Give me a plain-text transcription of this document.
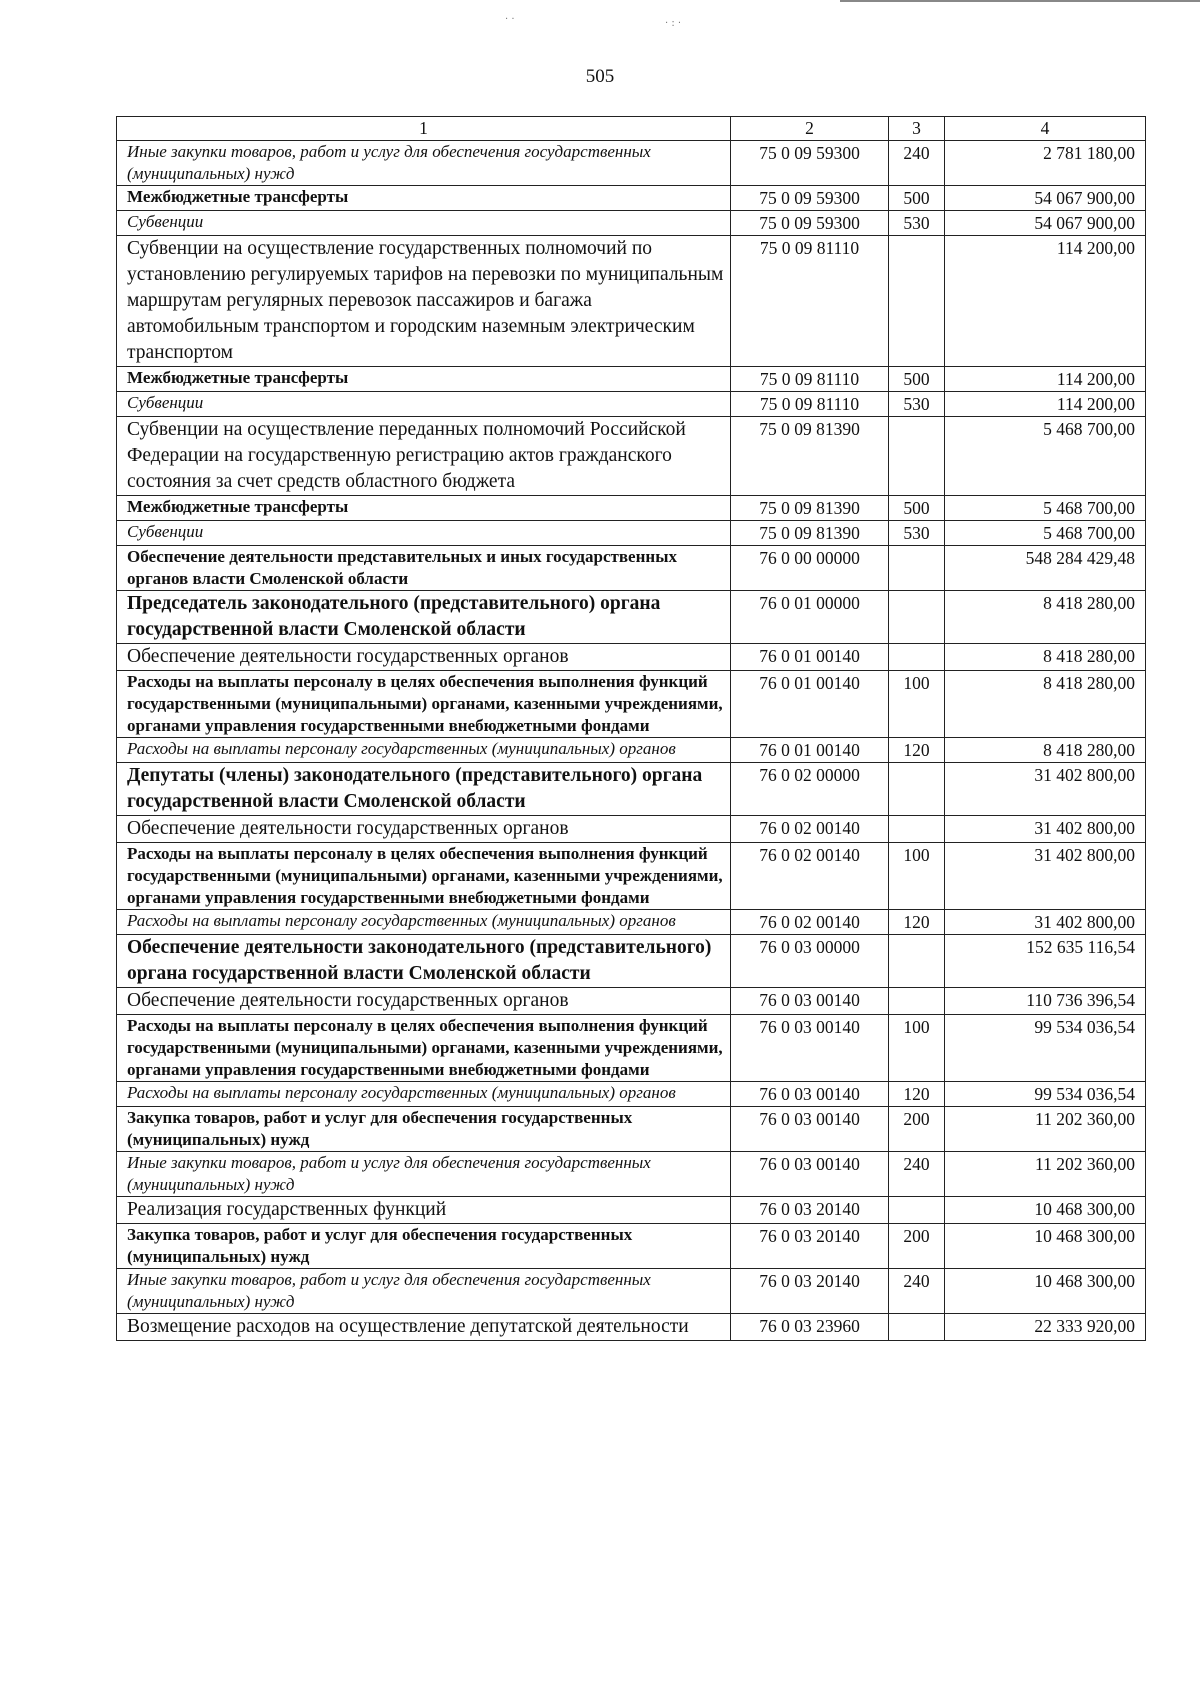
· ·	· : ·
505
1	2	3	4
Иные закупки товаров, работ и услуг для обеспечения государственных (муниципальных) нужд	75 0 09 59300	240	2 781 180,00
Межбюджетные трансферты	75 0 09 59300	500	54 067 900,00
Субвенции	75 0 09 59300	530	54 067 900,00
Субвенции на осуществление государственных полномочий по установлению регулируемых тарифов на перевозки по муниципальным маршрутам регулярных перевозок пассажиров и багажа автомобильным транспортом и городским наземным электрическим транспортом	75 0 09 81110		114 200,00
Межбюджетные трансферты	75 0 09 81110	500	114 200,00
Субвенции	75 0 09 81110	530	114 200,00
Субвенции на осуществление переданных полномочий Российской Федерации на государственную регистрацию актов гражданского состояния за счет средств областного бюджета	75 0 09 81390		5 468 700,00
Межбюджетные трансферты	75 0 09 81390	500	5 468 700,00
Субвенции	75 0 09 81390	530	5 468 700,00
Обеспечение деятельности представительных и иных государственных органов власти Смоленской области	76 0 00 00000		548 284 429,48
Председатель законодательного (представительного) органа государственной власти Смоленской области	76 0 01 00000		8 418 280,00
Обеспечение деятельности государственных органов	76 0 01 00140		8 418 280,00
Расходы на выплаты персоналу в целях обеспечения выполнения функций государственными (муниципальными) органами, казенными учреждениями, органами управления государственными внебюджетными фондами	76 0 01 00140	100	8 418 280,00
Расходы на выплаты персоналу государственных (муниципальных) органов	76 0 01 00140	120	8 418 280,00
Депутаты (члены) законодательного (представительного) органа государственной власти Смоленской области	76 0 02 00000		31 402 800,00
Обеспечение деятельности государственных органов	76 0 02 00140		31 402 800,00
Расходы на выплаты персоналу в целях обеспечения выполнения функций государственными (муниципальными) органами, казенными учреждениями, органами управления государственными внебюджетными фондами	76 0 02 00140	100	31 402 800,00
Расходы на выплаты персоналу государственных (муниципальных) органов	76 0 02 00140	120	31 402 800,00
Обеспечение деятельности законодательного (представительного) органа государственной власти Смоленской области	76 0 03 00000		152 635 116,54
Обеспечение деятельности государственных органов	76 0 03 00140		110 736 396,54
Расходы на выплаты персоналу в целях обеспечения выполнения функций государственными (муниципальными) органами, казенными учреждениями, органами управления государственными внебюджетными фондами	76 0 03 00140	100	99 534 036,54
Расходы на выплаты персоналу государственных (муниципальных) органов	76 0 03 00140	120	99 534 036,54
Закупка товаров, работ и услуг для обеспечения государственных (муниципальных) нужд	76 0 03 00140	200	11 202 360,00
Иные закупки товаров, работ и услуг для обеспечения государственных (муниципальных) нужд	76 0 03 00140	240	11 202 360,00
Реализация государственных функций	76 0 03 20140		10 468 300,00
Закупка товаров, работ и услуг для обеспечения государственных (муниципальных) нужд	76 0 03 20140	200	10 468 300,00
Иные закупки товаров, работ и услуг для обеспечения государственных (муниципальных) нужд	76 0 03 20140	240	10 468 300,00
Возмещение расходов на осуществление депутатской деятельности	76 0 03 23960		22 333 920,00
